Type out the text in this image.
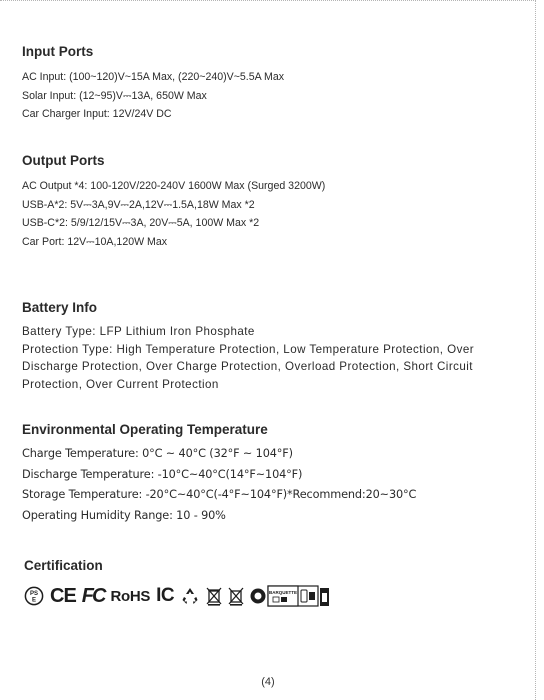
Input Ports
AC Input: (100~120)V~15A Max, (220~240)V~5.5A Max
Solar Input: (12~95)V⎓13A, 650W Max
Car Charger Input: 12V/24V DC
Output Ports
AC Output *4: 100-120V/220-240V 1600W Max (Surged 3200W)
USB-A*2: 5V⎓3A,9V⎓2A,12V⎓1.5A,18W Max *2
USB-C*2: 5/9/12/15V⎓3A, 20V⎓5A, 100W Max *2
Car Port: 12V⎓10A,120W Max
Battery Info
Battery Type: LFP Lithium Iron Phosphate
Protection Type: High Temperature Protection, Low Temperature Protection, Over
Discharge Protection, Over Charge Protection, Overload Protection, Short Circuit
Protection, Over Current Protection
Environmental Operating Temperature
Charge Temperature: 0°C ~ 40°C (32°F ~ 104°F)
Discharge Temperature: -10°C~40°C(14°F~104°F)
Storage Temperature: -20°C~40°C(-4°F~104°F)*Recommend:20~30°C
Operating Humidity Range: 10 - 90%
Certification
PS
E CE FC RoHS IC	BARQUETTE
(4)
